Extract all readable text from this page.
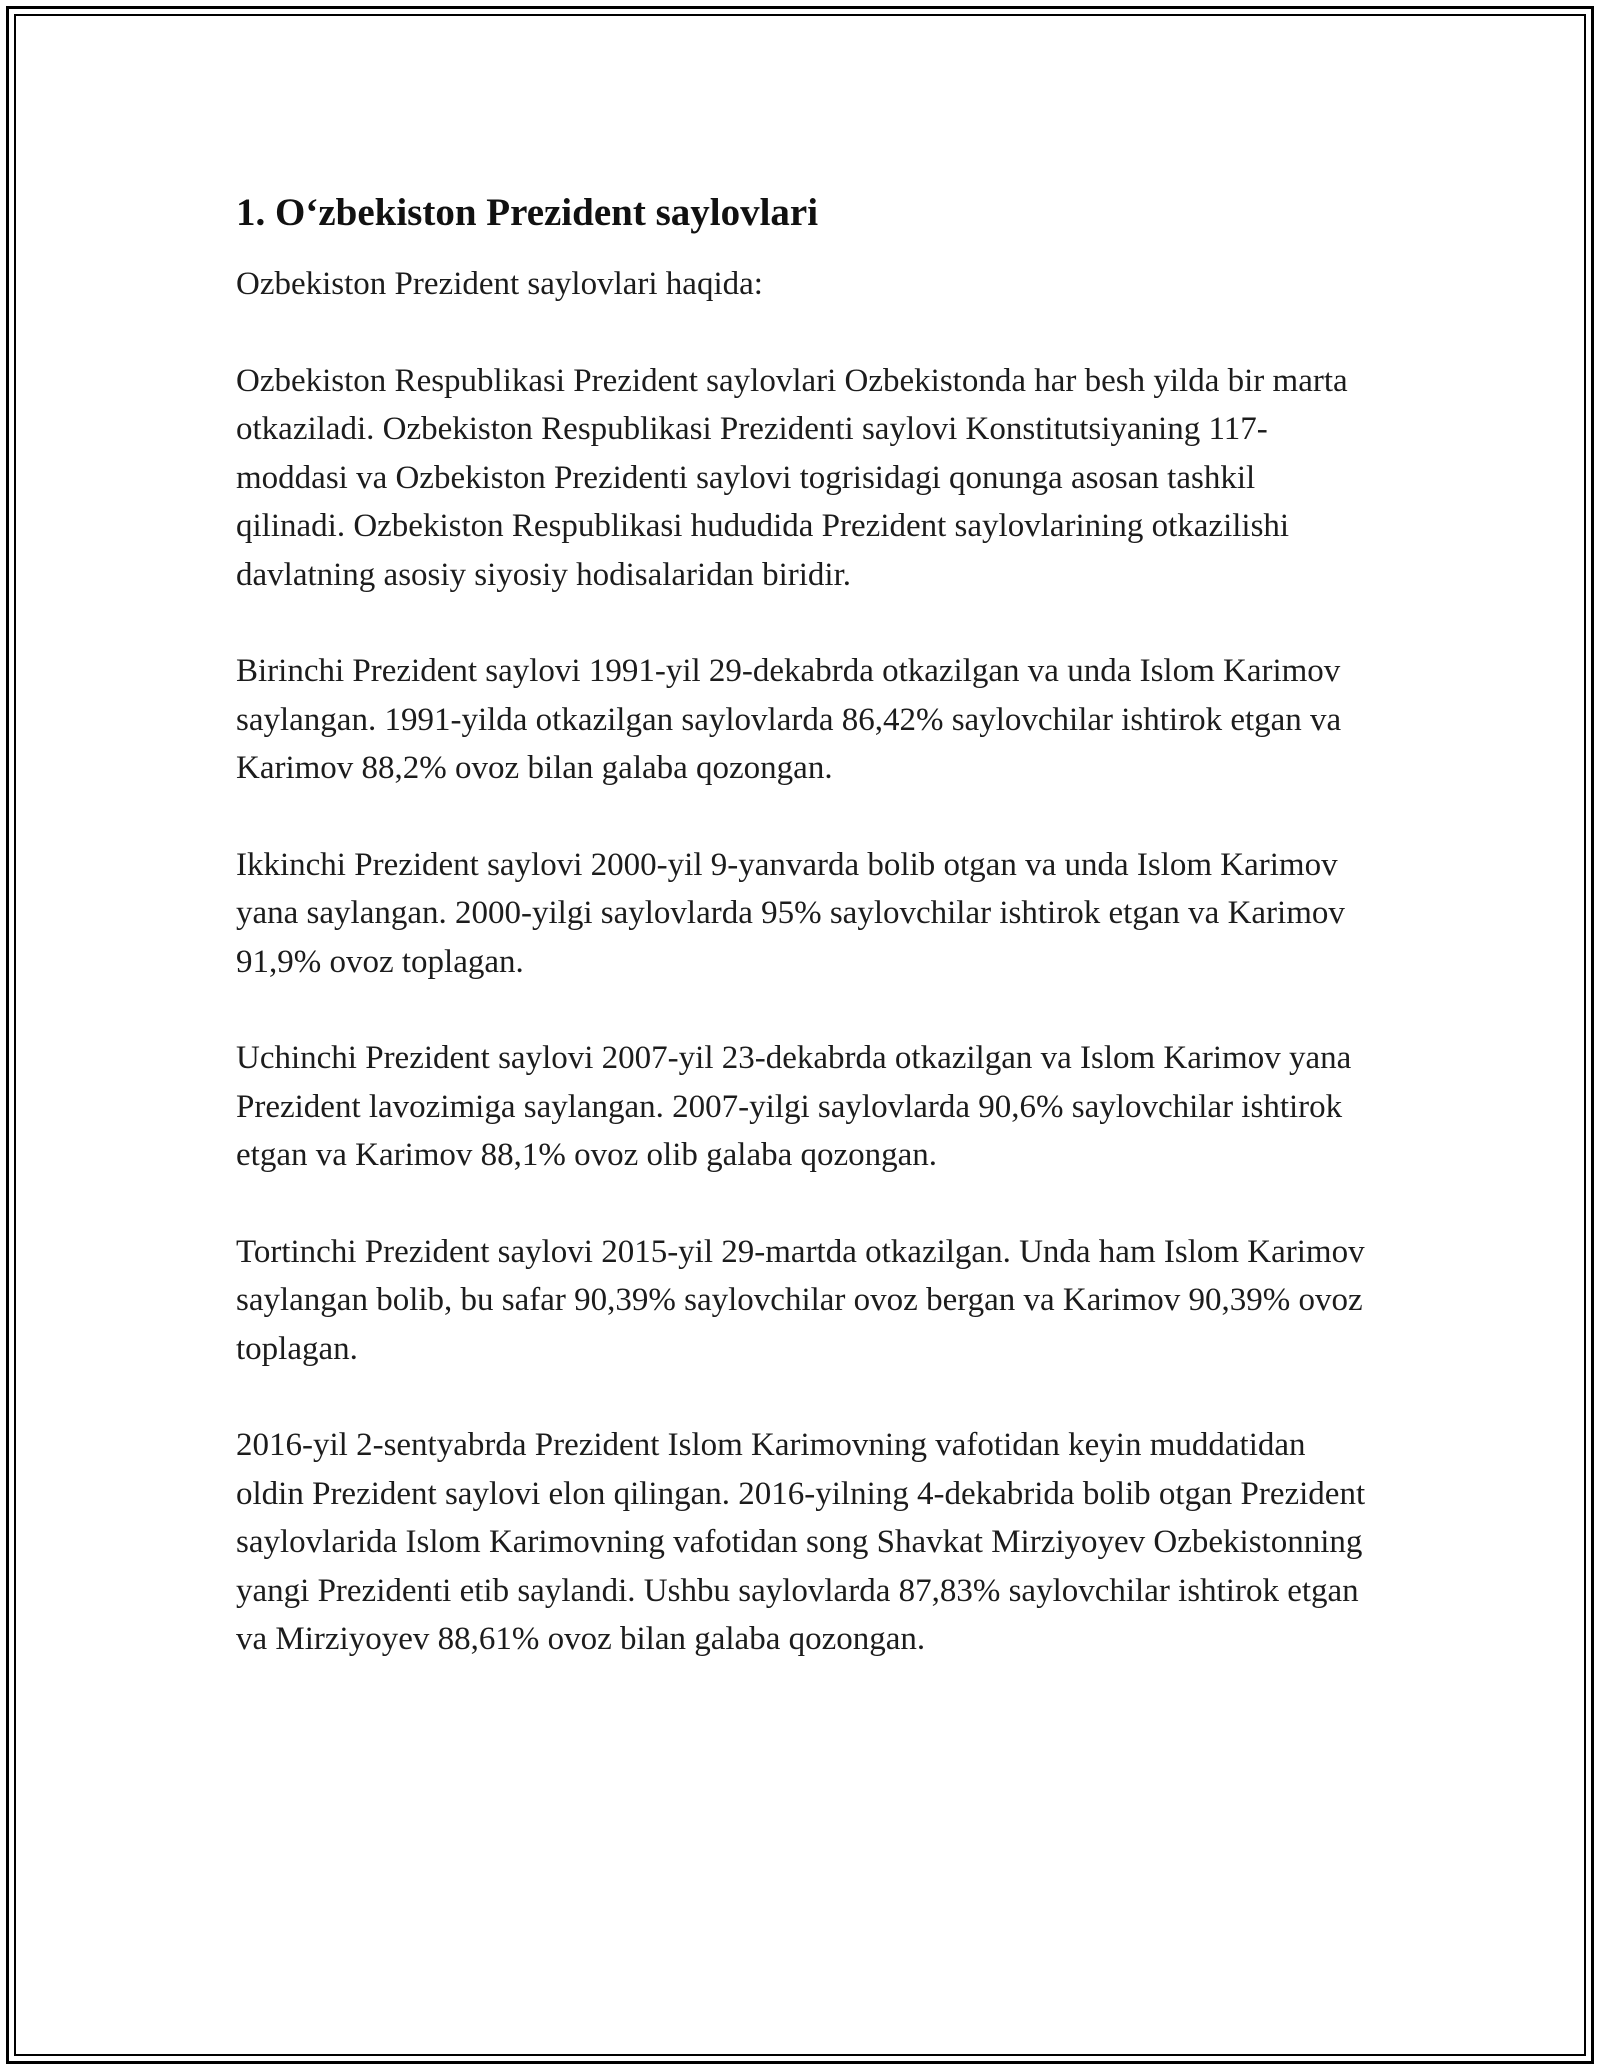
1. O‘zbekiston Prezident saylovlari

Ozbekiston Prezident saylovlari haqida:

Ozbekiston Respublikasi Prezident saylovlari Ozbekistonda har besh yilda bir marta otkaziladi. Ozbekiston Respublikasi Prezidenti saylovi Konstitutsiyaning 117-moddasi va Ozbekiston Prezidenti saylovi togrisidagi qonunga asosan tashkil qilinadi. Ozbekiston Respublikasi hududida Prezident saylovlarining otkazilishi davlatning asosiy siyosiy hodisalaridan biridir.

Birinchi Prezident saylovi 1991-yil 29-dekabrda otkazilgan va unda Islom Karimov saylangan. 1991-yilda otkazilgan saylovlarda 86,42% saylovchilar ishtirok etgan va Karimov 88,2% ovoz bilan galaba qozongan.

Ikkinchi Prezident saylovi 2000-yil 9-yanvarda bolib otgan va unda Islom Karimov yana saylangan. 2000-yilgi saylovlarda 95% saylovchilar ishtirok etgan va Karimov 91,9% ovoz toplagan.

Uchinchi Prezident saylovi 2007-yil 23-dekabrda otkazilgan va Islom Karimov yana Prezident lavozimiga saylangan. 2007-yilgi saylovlarda 90,6% saylovchilar ishtirok etgan va Karimov 88,1% ovoz olib galaba qozongan.

Tortinchi Prezident saylovi 2015-yil 29-martda otkazilgan. Unda ham Islom Karimov saylangan bolib, bu safar 90,39% saylovchilar ovoz bergan va Karimov 90,39% ovoz toplagan.

2016-yil 2-sentyabrda Prezident Islom Karimovning vafotidan keyin muddatidan oldin Prezident saylovi elon qilingan. 2016-yilning 4-dekabrida bolib otgan Prezident saylovlarida Islom Karimovning vafotidan song Shavkat Mirziyoyev Ozbekistonning yangi Prezidenti etib saylandi. Ushbu saylovlarda 87,83% saylovchilar ishtirok etgan va Mirziyoyev 88,61% ovoz bilan galaba qozongan.
